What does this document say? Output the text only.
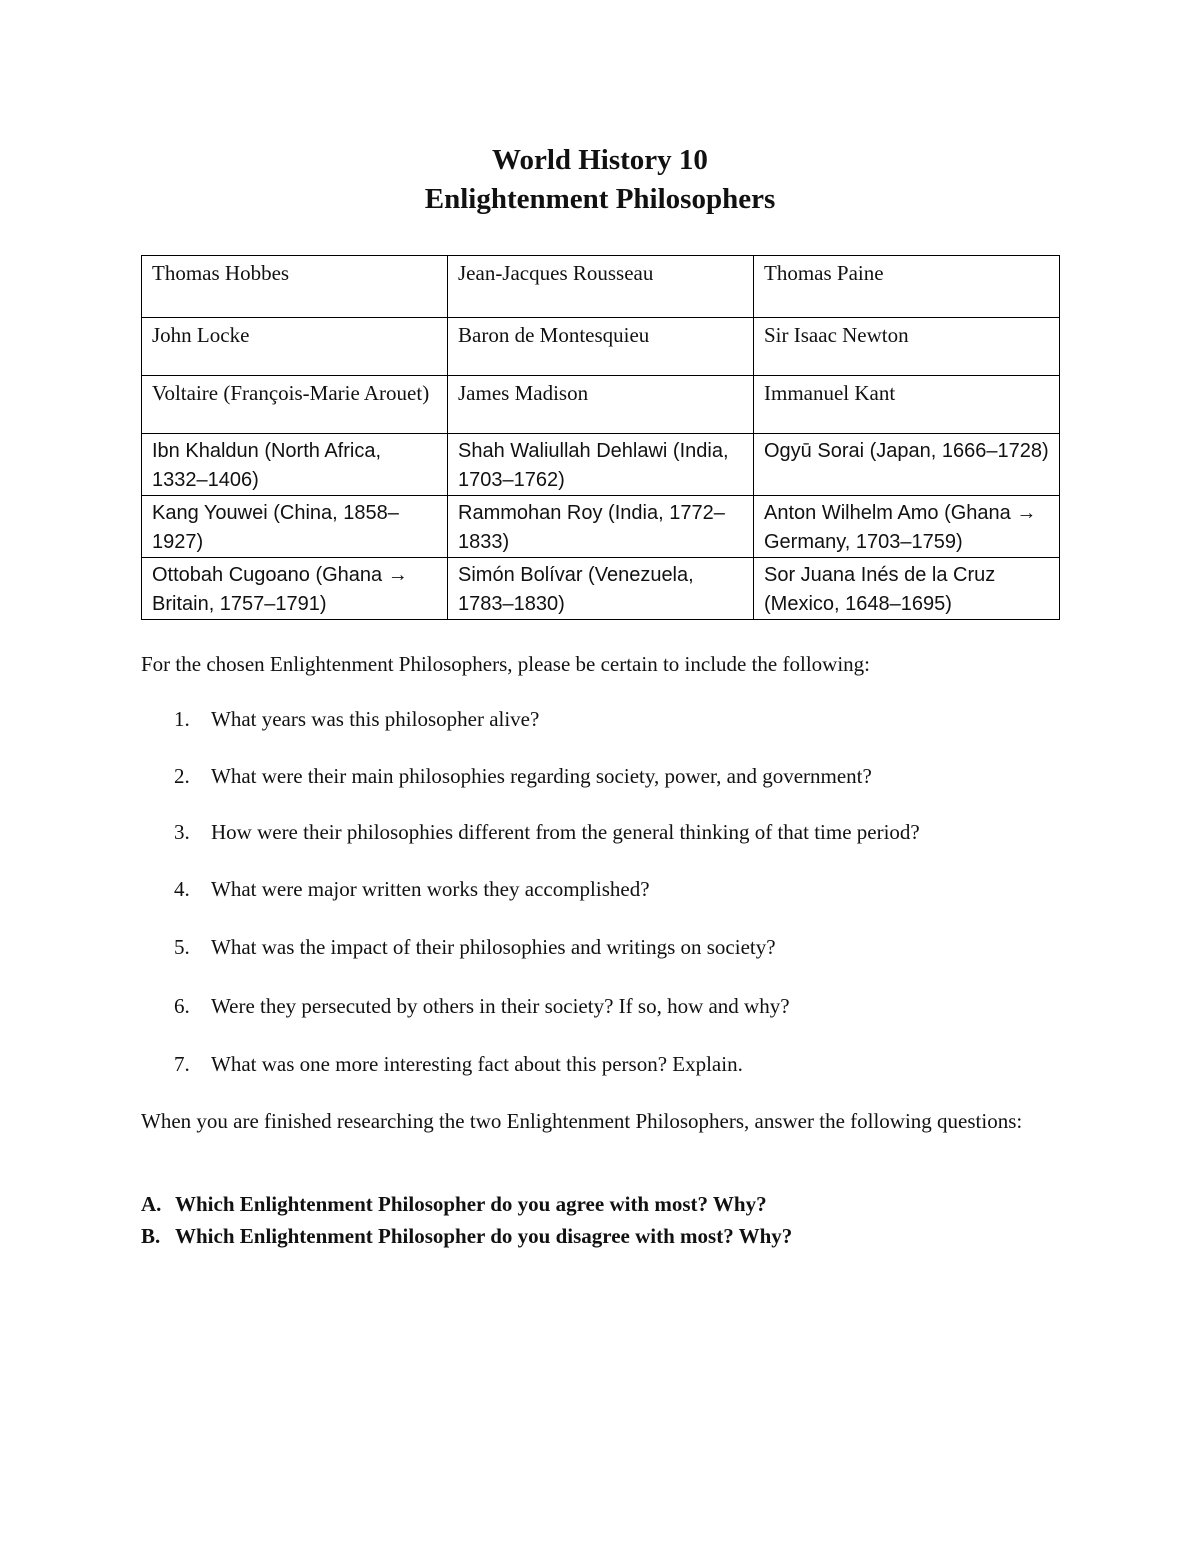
World History 10
Enlightenment Philosophers
Thomas Hobbes	Jean-Jacques Rousseau	Thomas Paine
John Locke	Baron de Montesquieu	Sir Isaac Newton
Voltaire (François-Marie Arouet)	James Madison	Immanuel Kant
Ibn Khaldun (North Africa, 1332–1406)	Shah Waliullah Dehlawi (India, 1703–1762)	Ogyū Sorai (Japan, 1666–1728)
Kang Youwei (China, 1858–1927)	Rammohan Roy (India, 1772–1833)	Anton Wilhelm Amo (Ghana → Germany, 1703–1759)
Ottobah Cugoano (Ghana → Britain, 1757–1791)	Simón Bolívar (Venezuela, 1783–1830)	Sor Juana Inés de la Cruz (Mexico, 1648–1695)
For the chosen Enlightenment Philosophers, please be certain to include the following:
1. What years was this philosopher alive?
2. What were their main philosophies regarding society, power, and government?
3. How were their philosophies different from the general thinking of that time period?
4. What were major written works they accomplished?
5. What was the impact of their philosophies and writings on society?
6. Were they persecuted by others in their society? If so, how and why?
7. What was one more interesting fact about this person? Explain.
When you are finished researching the two Enlightenment Philosophers, answer the following questions:
A. Which Enlightenment Philosopher do you agree with most? Why?
B. Which Enlightenment Philosopher do you disagree with most? Why?
